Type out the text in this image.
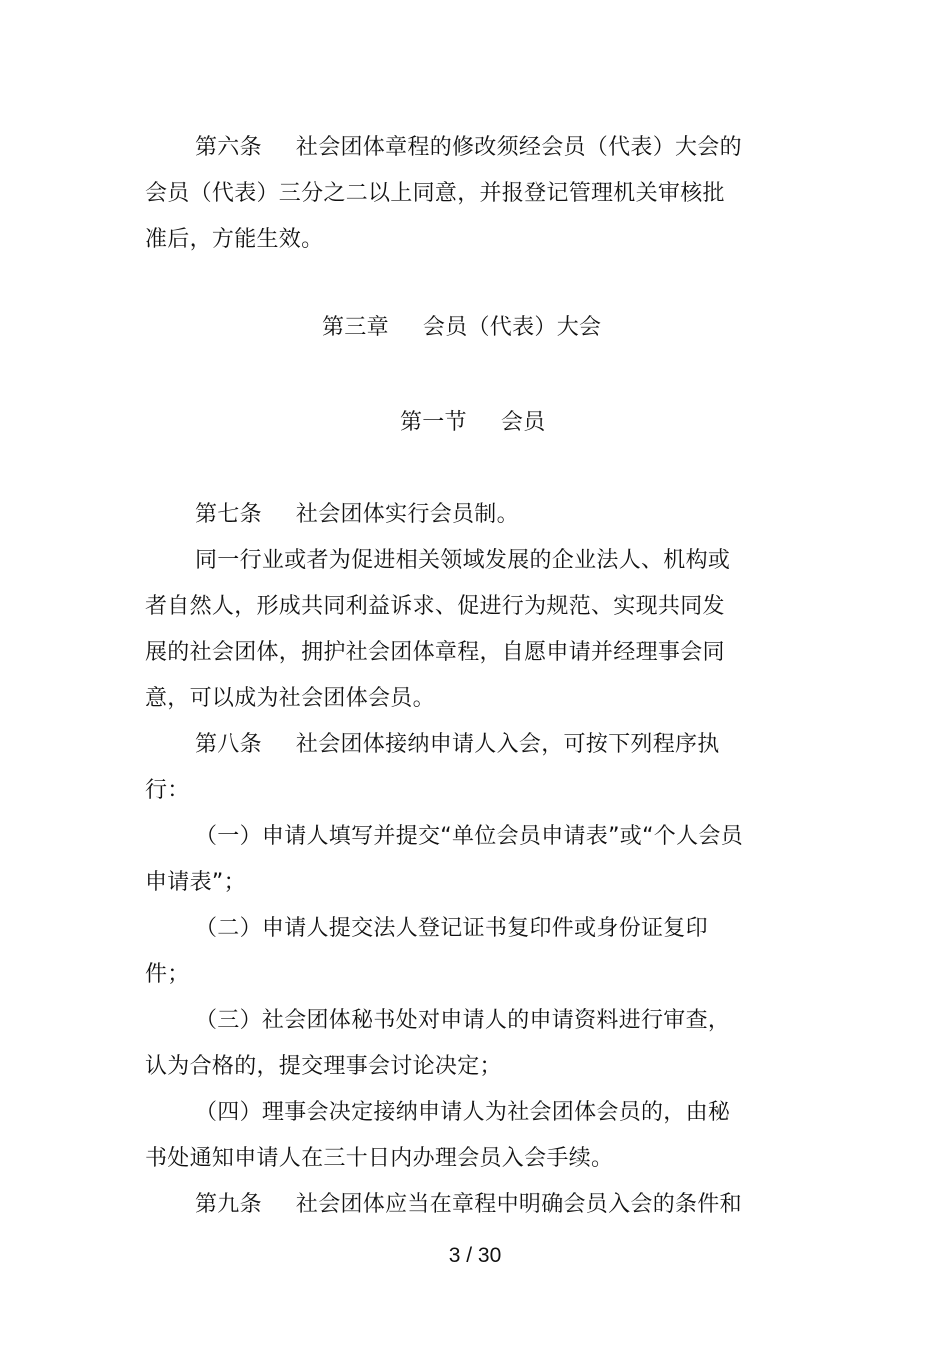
第六条 社会团体章程的修改须经会员（代表）大会的
会员（代表）三分之二以上同意，并报登记管理机关审核批
准后，方能生效。
第三章 会员（代表）大会
第一节 会员
第七条 社会团体实行会员制。
同一行业或者为促进相关领域发展的企业法人、机构或
者自然人，形成共同利益诉求、促进行为规范、实现共同发
展的社会团体，拥护社会团体章程，自愿申请并经理事会同
意，可以成为社会团体会员。
第八条 社会团体接纳申请人入会，可按下列程序执
行：
（一）申请人填写并提交“单位会员申请表”或“个人会员
申请表”；
（二）申请人提交法人登记证书复印件或身份证复印
件；
（三）社会团体秘书处对申请人的申请资料进行审查，
认为合格的，提交理事会讨论决定；
（四）理事会决定接纳申请人为社会团体会员的，由秘
书处通知申请人在三十日内办理会员入会手续。
第九条 社会团体应当在章程中明确会员入会的条件和
3 / 30
